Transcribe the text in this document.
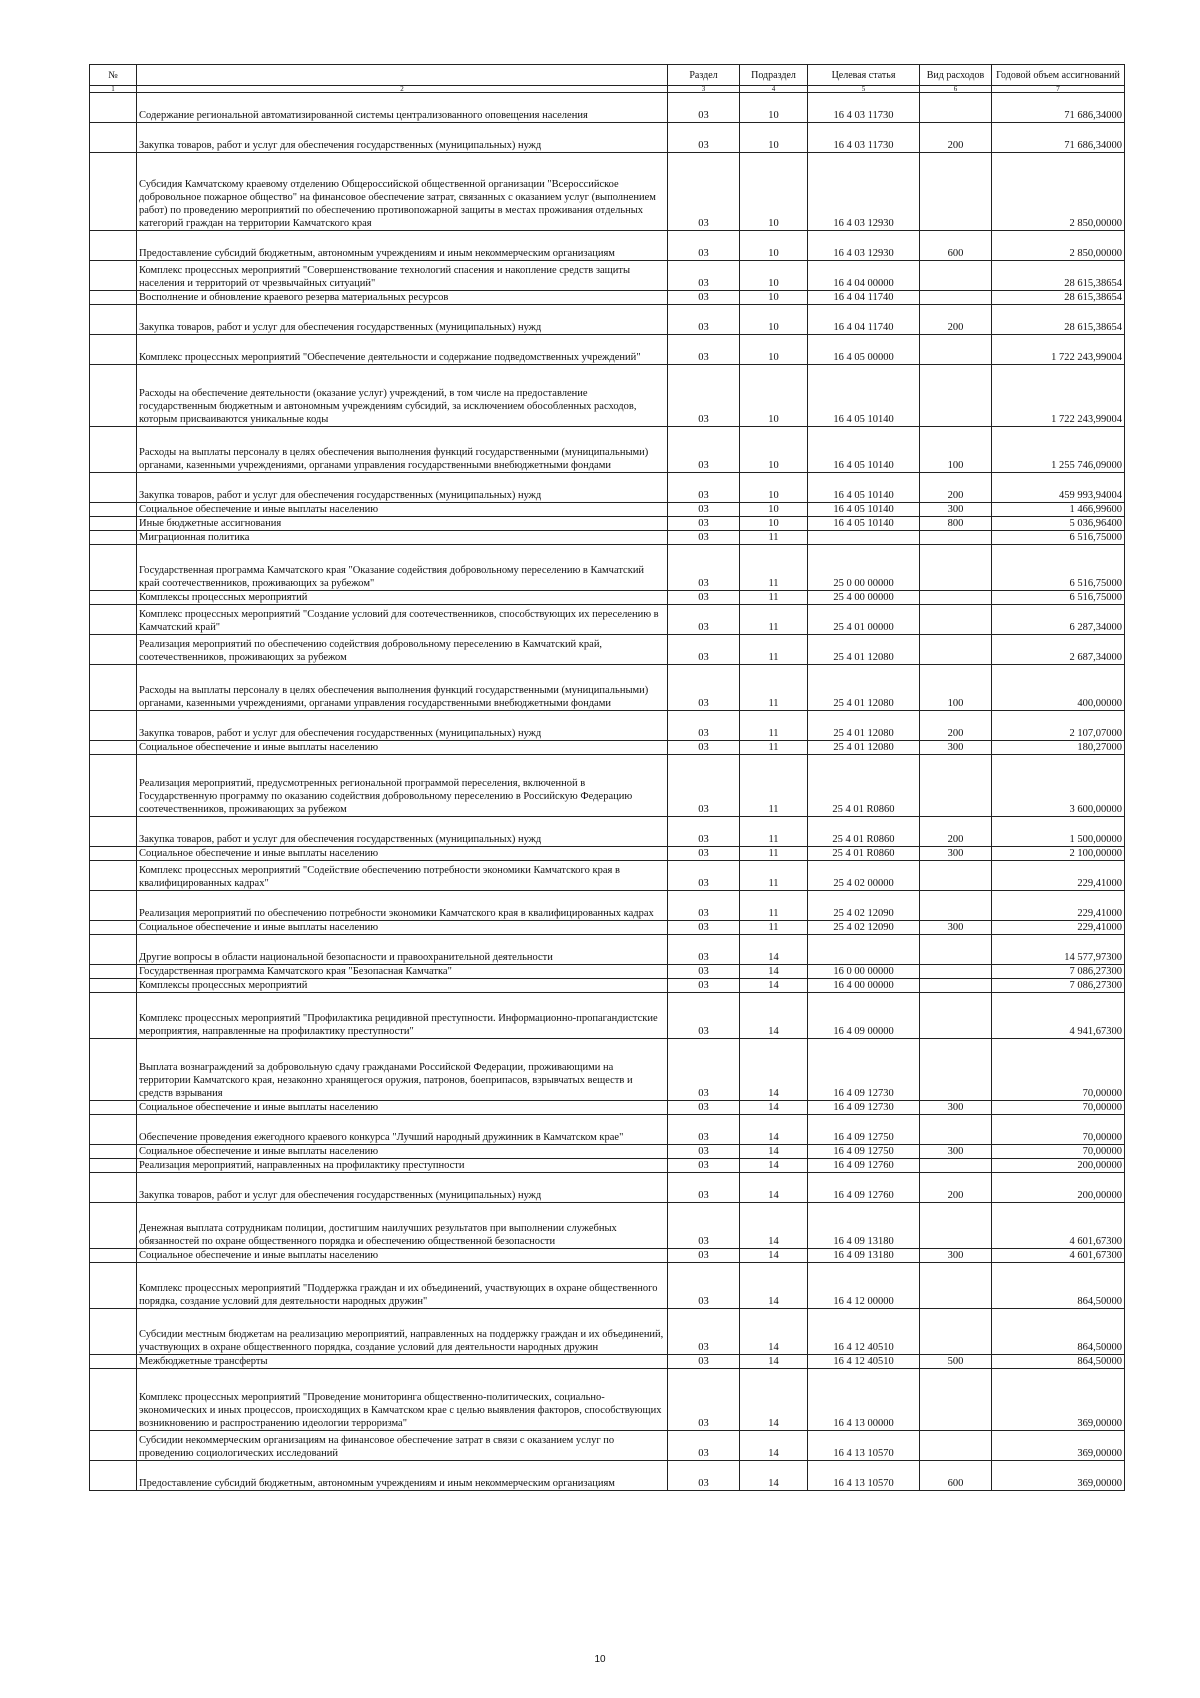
№		Раздел	Подраздел	Целевая статья	Вид расходов	Годовой объем ассигнований
1	2	3	4	5	6	7
	Содержание региональной автоматизированной системы централизованного оповещения населения	03	10	16 4 03 11730		71 686,34000
	Закупка товаров, работ и услуг для обеспечения государственных (муниципальных) нужд	03	10	16 4 03 11730	200	71 686,34000
	Субсидия Камчатскому краевому отделению Общероссийской общественной организации "Всероссийское добровольное пожарное общество" на финансовое обеспечение затрат, связанных с оказанием услуг (выполнением работ) по проведению мероприятий по обеспечению противопожарной защиты в местах проживания отдельных категорий граждан на территории Камчатского края	03	10	16 4 03 12930		2 850,00000
	Предоставление субсидий бюджетным, автономным учреждениям и иным некоммерческим организациям	03	10	16 4 03 12930	600	2 850,00000
	Комплекс процессных мероприятий "Совершенствование технологий спасения и накопление средств защиты населения и территорий от чрезвычайных ситуаций"	03	10	16 4 04 00000		28 615,38654
	Восполнение и обновление краевого резерва материальных ресурсов	03	10	16 4 04 11740		28 615,38654
	Закупка товаров, работ и услуг для обеспечения государственных (муниципальных) нужд	03	10	16 4 04 11740	200	28 615,38654
	Комплекс процессных мероприятий "Обеспечение деятельности и содержание подведомственных учреждений"	03	10	16 4 05 00000		1 722 243,99004
	Расходы на обеспечение деятельности (оказание услуг) учреждений, в том числе на предоставление государственным бюджетным и автономным учреждениям субсидий, за исключением обособленных расходов, которым присваиваются уникальные коды	03	10	16 4 05 10140		1 722 243,99004
	Расходы на выплаты персоналу в целях обеспечения выполнения функций государственными (муниципальными) органами, казенными учреждениями, органами управления государственными внебюджетными фондами	03	10	16 4 05 10140	100	1 255 746,09000
	Закупка товаров, работ и услуг для обеспечения государственных (муниципальных) нужд	03	10	16 4 05 10140	200	459 993,94004
	Социальное обеспечение и иные выплаты населению	03	10	16 4 05 10140	300	1 466,99600
	Иные бюджетные ассигнования	03	10	16 4 05 10140	800	5 036,96400
	Миграционная политика	03	11			6 516,75000
	Государственная программа Камчатского края "Оказание содействия добровольному переселению в Камчатский край соотечественников, проживающих за рубежом"	03	11	25 0 00 00000		6 516,75000
	Комплексы процессных мероприятий	03	11	25 4 00 00000		6 516,75000
	Комплекс процессных мероприятий "Создание условий для соотечественников, способствующих их переселению в Камчатский край"	03	11	25 4 01 00000		6 287,34000
	Реализация мероприятий по обеспечению содействия добровольному переселению в Камчатский край, соотечественников, проживающих за рубежом	03	11	25 4 01 12080		2 687,34000
	Расходы на выплаты персоналу в целях обеспечения выполнения функций государственными (муниципальными) органами, казенными учреждениями, органами управления государственными внебюджетными фондами	03	11	25 4 01 12080	100	400,00000
	Закупка товаров, работ и услуг для обеспечения государственных (муниципальных) нужд	03	11	25 4 01 12080	200	2 107,07000
	Социальное обеспечение и иные выплаты населению	03	11	25 4 01 12080	300	180,27000
	Реализация мероприятий, предусмотренных региональной программой переселения, включенной в Государственную программу по оказанию содействия добровольному переселению в Российскую Федерацию соотечественников, проживающих за рубежом	03	11	25 4 01 R0860		3 600,00000
	Закупка товаров, работ и услуг для обеспечения государственных (муниципальных) нужд	03	11	25 4 01 R0860	200	1 500,00000
	Социальное обеспечение и иные выплаты населению	03	11	25 4 01 R0860	300	2 100,00000
	Комплекс процессных мероприятий "Содействие обеспечению потребности экономики Камчатского края в квалифицированных кадрах"	03	11	25 4 02 00000		229,41000
	Реализация мероприятий по обеспечению потребности экономики Камчатского края в квалифицированных кадрах	03	11	25 4 02 12090		229,41000
	Социальное обеспечение и иные выплаты населению	03	11	25 4 02 12090	300	229,41000
	Другие вопросы в области национальной безопасности и правоохранительной деятельности	03	14			14 577,97300
	Государственная программа Камчатского края "Безопасная Камчатка"	03	14	16 0 00 00000		7 086,27300
	Комплексы процессных мероприятий	03	14	16 4 00 00000		7 086,27300
	Комплекс процессных мероприятий "Профилактика рецидивной преступности. Информационно-пропагандистские мероприятия, направленные на профилактику преступности"	03	14	16 4 09 00000		4 941,67300
	Выплата вознаграждений за добровольную сдачу гражданами Российской Федерации, проживающими на территории Камчатского края, незаконно хранящегося оружия, патронов, боеприпасов, взрывчатых веществ и средств взрывания	03	14	16 4 09 12730		70,00000
	Социальное обеспечение и иные выплаты населению	03	14	16 4 09 12730	300	70,00000
	Обеспечение проведения ежегодного краевого конкурса "Лучший народный дружинник в Камчатском крае"	03	14	16 4 09 12750		70,00000
	Социальное обеспечение и иные выплаты населению	03	14	16 4 09 12750	300	70,00000
	Реализация мероприятий, направленных на профилактику преступности	03	14	16 4 09 12760		200,00000
	Закупка товаров, работ и услуг для обеспечения государственных (муниципальных) нужд	03	14	16 4 09 12760	200	200,00000
	Денежная выплата сотрудникам полиции, достигшим наилучших результатов при выполнении служебных обязанностей по охране общественного порядка и обеспечению общественной безопасности	03	14	16 4 09 13180		4 601,67300
	Социальное обеспечение и иные выплаты населению	03	14	16 4 09 13180	300	4 601,67300
	Комплекс процессных мероприятий "Поддержка граждан и их объединений, участвующих в охране общественного порядка, создание условий для деятельности народных дружин"	03	14	16 4 12 00000		864,50000
	Субсидии местным бюджетам на реализацию мероприятий, направленных на поддержку граждан и их объединений, участвующих в охране общественного порядка, создание условий для деятельности народных дружин	03	14	16 4 12 40510		864,50000
	Межбюджетные трансферты	03	14	16 4 12 40510	500	864,50000
	Комплекс процессных мероприятий "Проведение мониторинга общественно-политических, социально-экономических и иных процессов, происходящих в Камчатском крае с целью выявления факторов, способствующих возникновению и распространению идеологии терроризма"	03	14	16 4 13 00000		369,00000
	Субсидии некоммерческим организациям на финансовое обеспечение затрат в связи с оказанием услуг по проведению социологических исследований	03	14	16 4 13 10570		369,00000
	Предоставление субсидий бюджетным, автономным учреждениям и иным некоммерческим организациям	03	14	16 4 13 10570	600	369,00000
10
